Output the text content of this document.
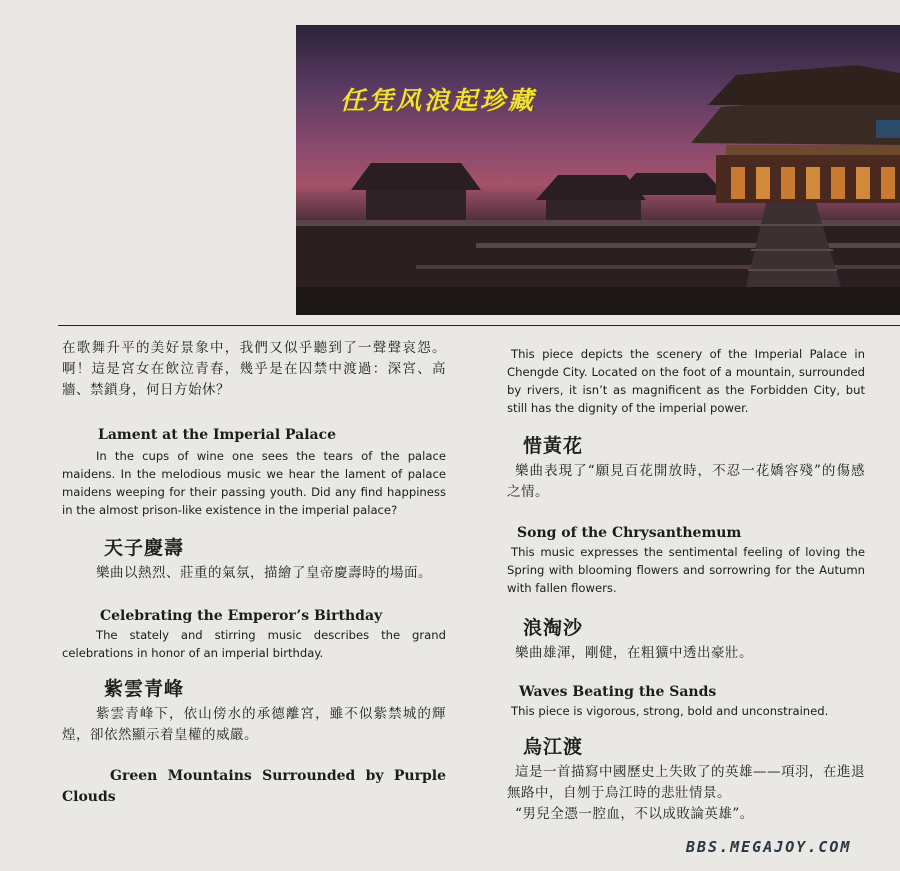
任凭风浪起珍藏

在歌舞升平的美好景象中，我們又似乎聽到了一聲聲哀怨。啊！這是宮女在飲泣青春，幾乎是在囚禁中渡過：深宮、高牆、禁鎖身，何日方始休？

Lament at the Imperial Palace

In the cups of wine one sees the tears of the palace maidens. In the melodious music we hear the lament of palace maidens weeping for their passing youth. Did any find happiness in the almost prison-like existence in the imperial palace?

天子慶壽

樂曲以熱烈、莊重的氣氛，描繪了皇帝慶壽時的場面。

Celebrating the Emperor’s Birthday

The stately and stirring music describes the grand celebrations in honor of an imperial birthday.

紫雲青峰

紫雲青峰下，依山傍水的承德離宮，雖不似紫禁城的輝煌，卻依然顯示着皇權的威嚴。

Green Mountains Surrounded by Purple Clouds

This piece depicts the scenery of the Imperial Palace in Chengde City. Located on the foot of a mountain, surrounded by rivers, it isn’t as magnificent as the Forbidden City, but still has the dignity of the imperial power.

惜黃花

樂曲表現了“願見百花開放時，不忍一花嬌容殘”的傷感之情。

Song of the Chrysanthemum

This music expresses the sentimental feeling of loving the Spring with blooming flowers and sorrowring for the Autumn with fallen flowers.

浪淘沙

樂曲雄渾，剛健，在粗獷中透出豪壯。

Waves Beating the Sands

This piece is vigorous, strong, bold and unconstrained.

烏江渡

這是一首描寫中國歷史上失敗了的英雄——項羽，在進退無路中，自刎于烏江時的悲壯情景。

“男兒全憑一腔血，不以成敗論英雄”。

BBS.MEGAJOY.COM
